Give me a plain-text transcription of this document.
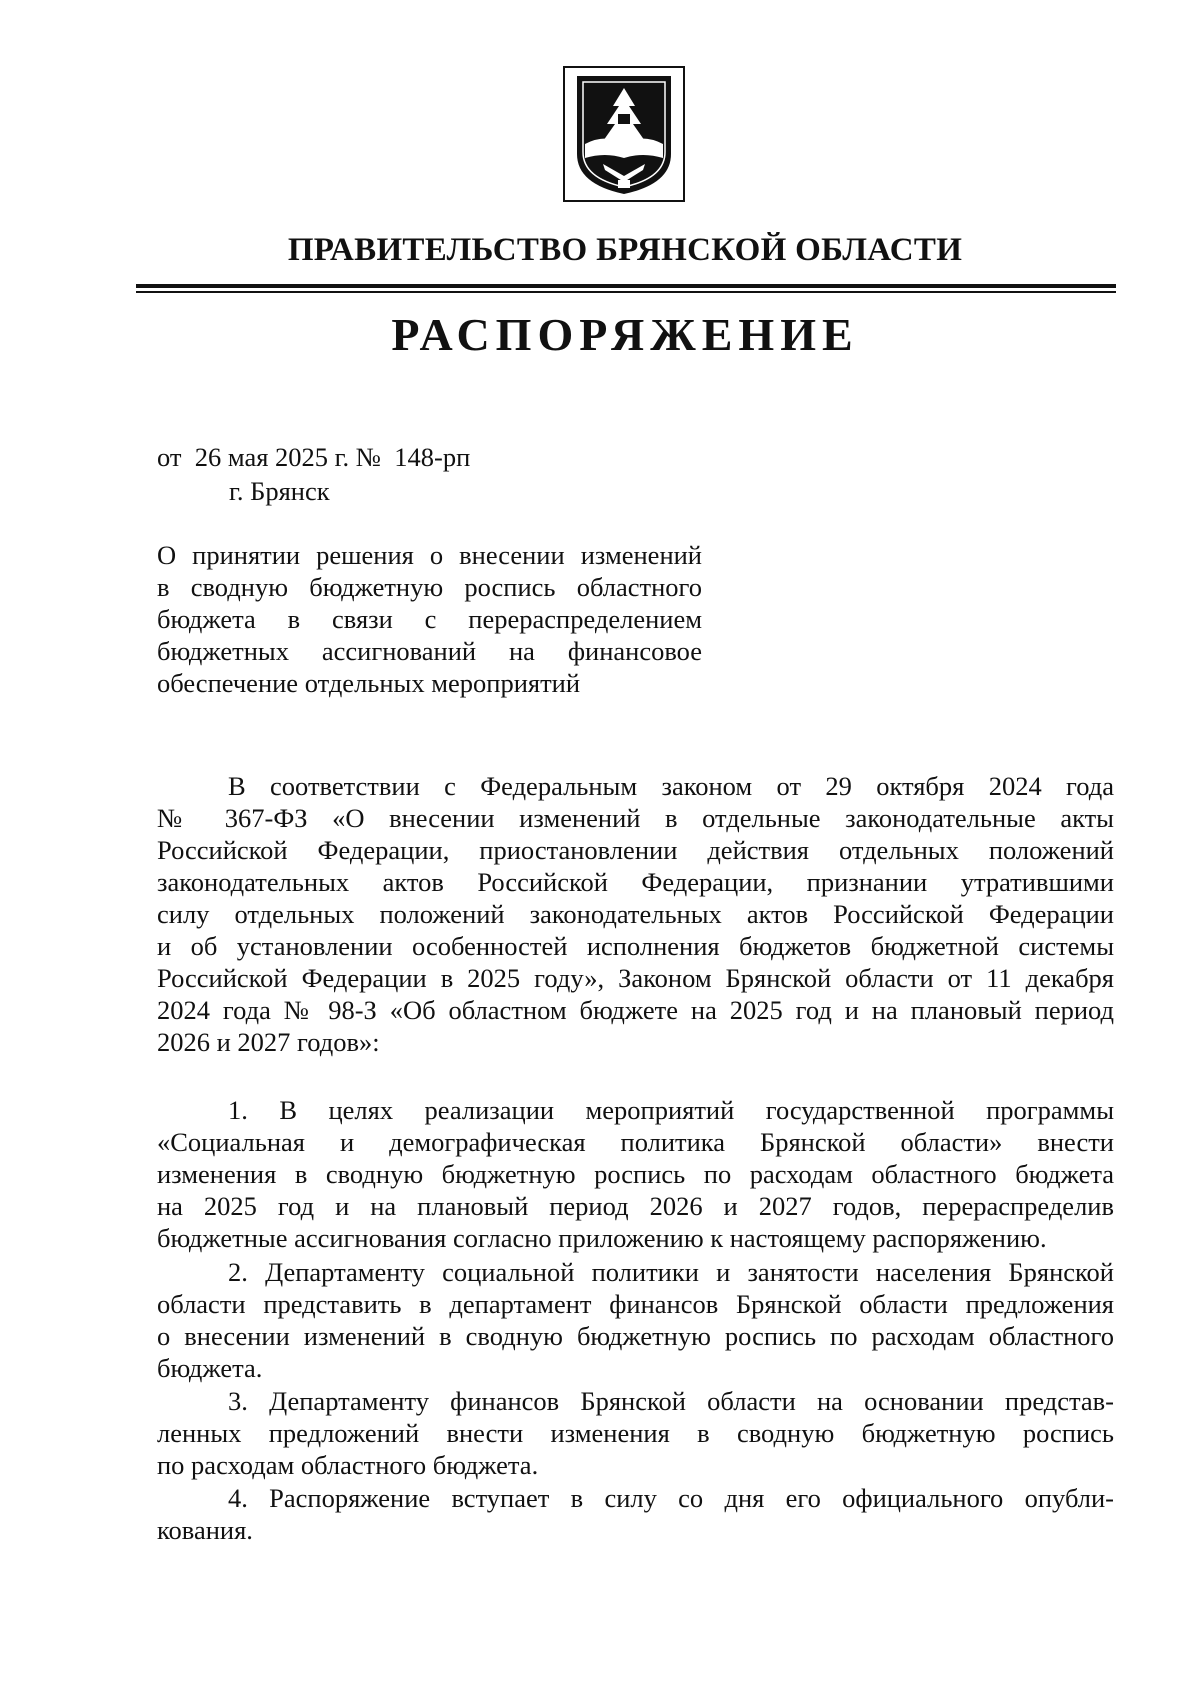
ПРАВИТЕЛЬСТВО БРЯНСКОЙ ОБЛАСТИ
РАСПОРЯЖЕНИЕ
от  26 мая 2025 г. №  148-рп
г. Брянск
О принятии решения о внесении изменений
в сводную бюджетную роспись областного
бюджета в связи с перераспределением
бюджетных ассигнований на финансовое
обеспечение отдельных мероприятий
В соответствии с Федеральным законом от 29 октября 2024 года
№ 367-ФЗ «О внесении изменений в отдельные законодательные акты
Российской Федерации, приостановлении действия отдельных положений
законодательных актов Российской Федерации, признании утратившими
силу отдельных положений законодательных актов Российской Федерации
и об установлении особенностей исполнения бюджетов бюджетной системы
Российской Федерации в 2025 году», Законом Брянской области от 11 декабря
2024 года № 98-З «Об областном бюджете на 2025 год и на плановый период
2026 и 2027 годов»:
1. В целях реализации мероприятий государственной программы
«Социальная и демографическая политика Брянской области» внести
изменения в сводную бюджетную роспись по расходам областного бюджета
на 2025 год и на плановый период 2026 и 2027 годов, перераспределив
бюджетные ассигнования согласно приложению к настоящему распоряжению.
2. Департаменту социальной политики и занятости населения Брянской
области представить в департамент финансов Брянской области предложения
о внесении изменений в сводную бюджетную роспись по расходам областного
бюджета.
3. Департаменту финансов Брянской области на основании представ-
ленных предложений внести изменения в сводную бюджетную роспись
по расходам областного бюджета.
4. Распоряжение вступает в силу со дня его официального опубли-
кования.
